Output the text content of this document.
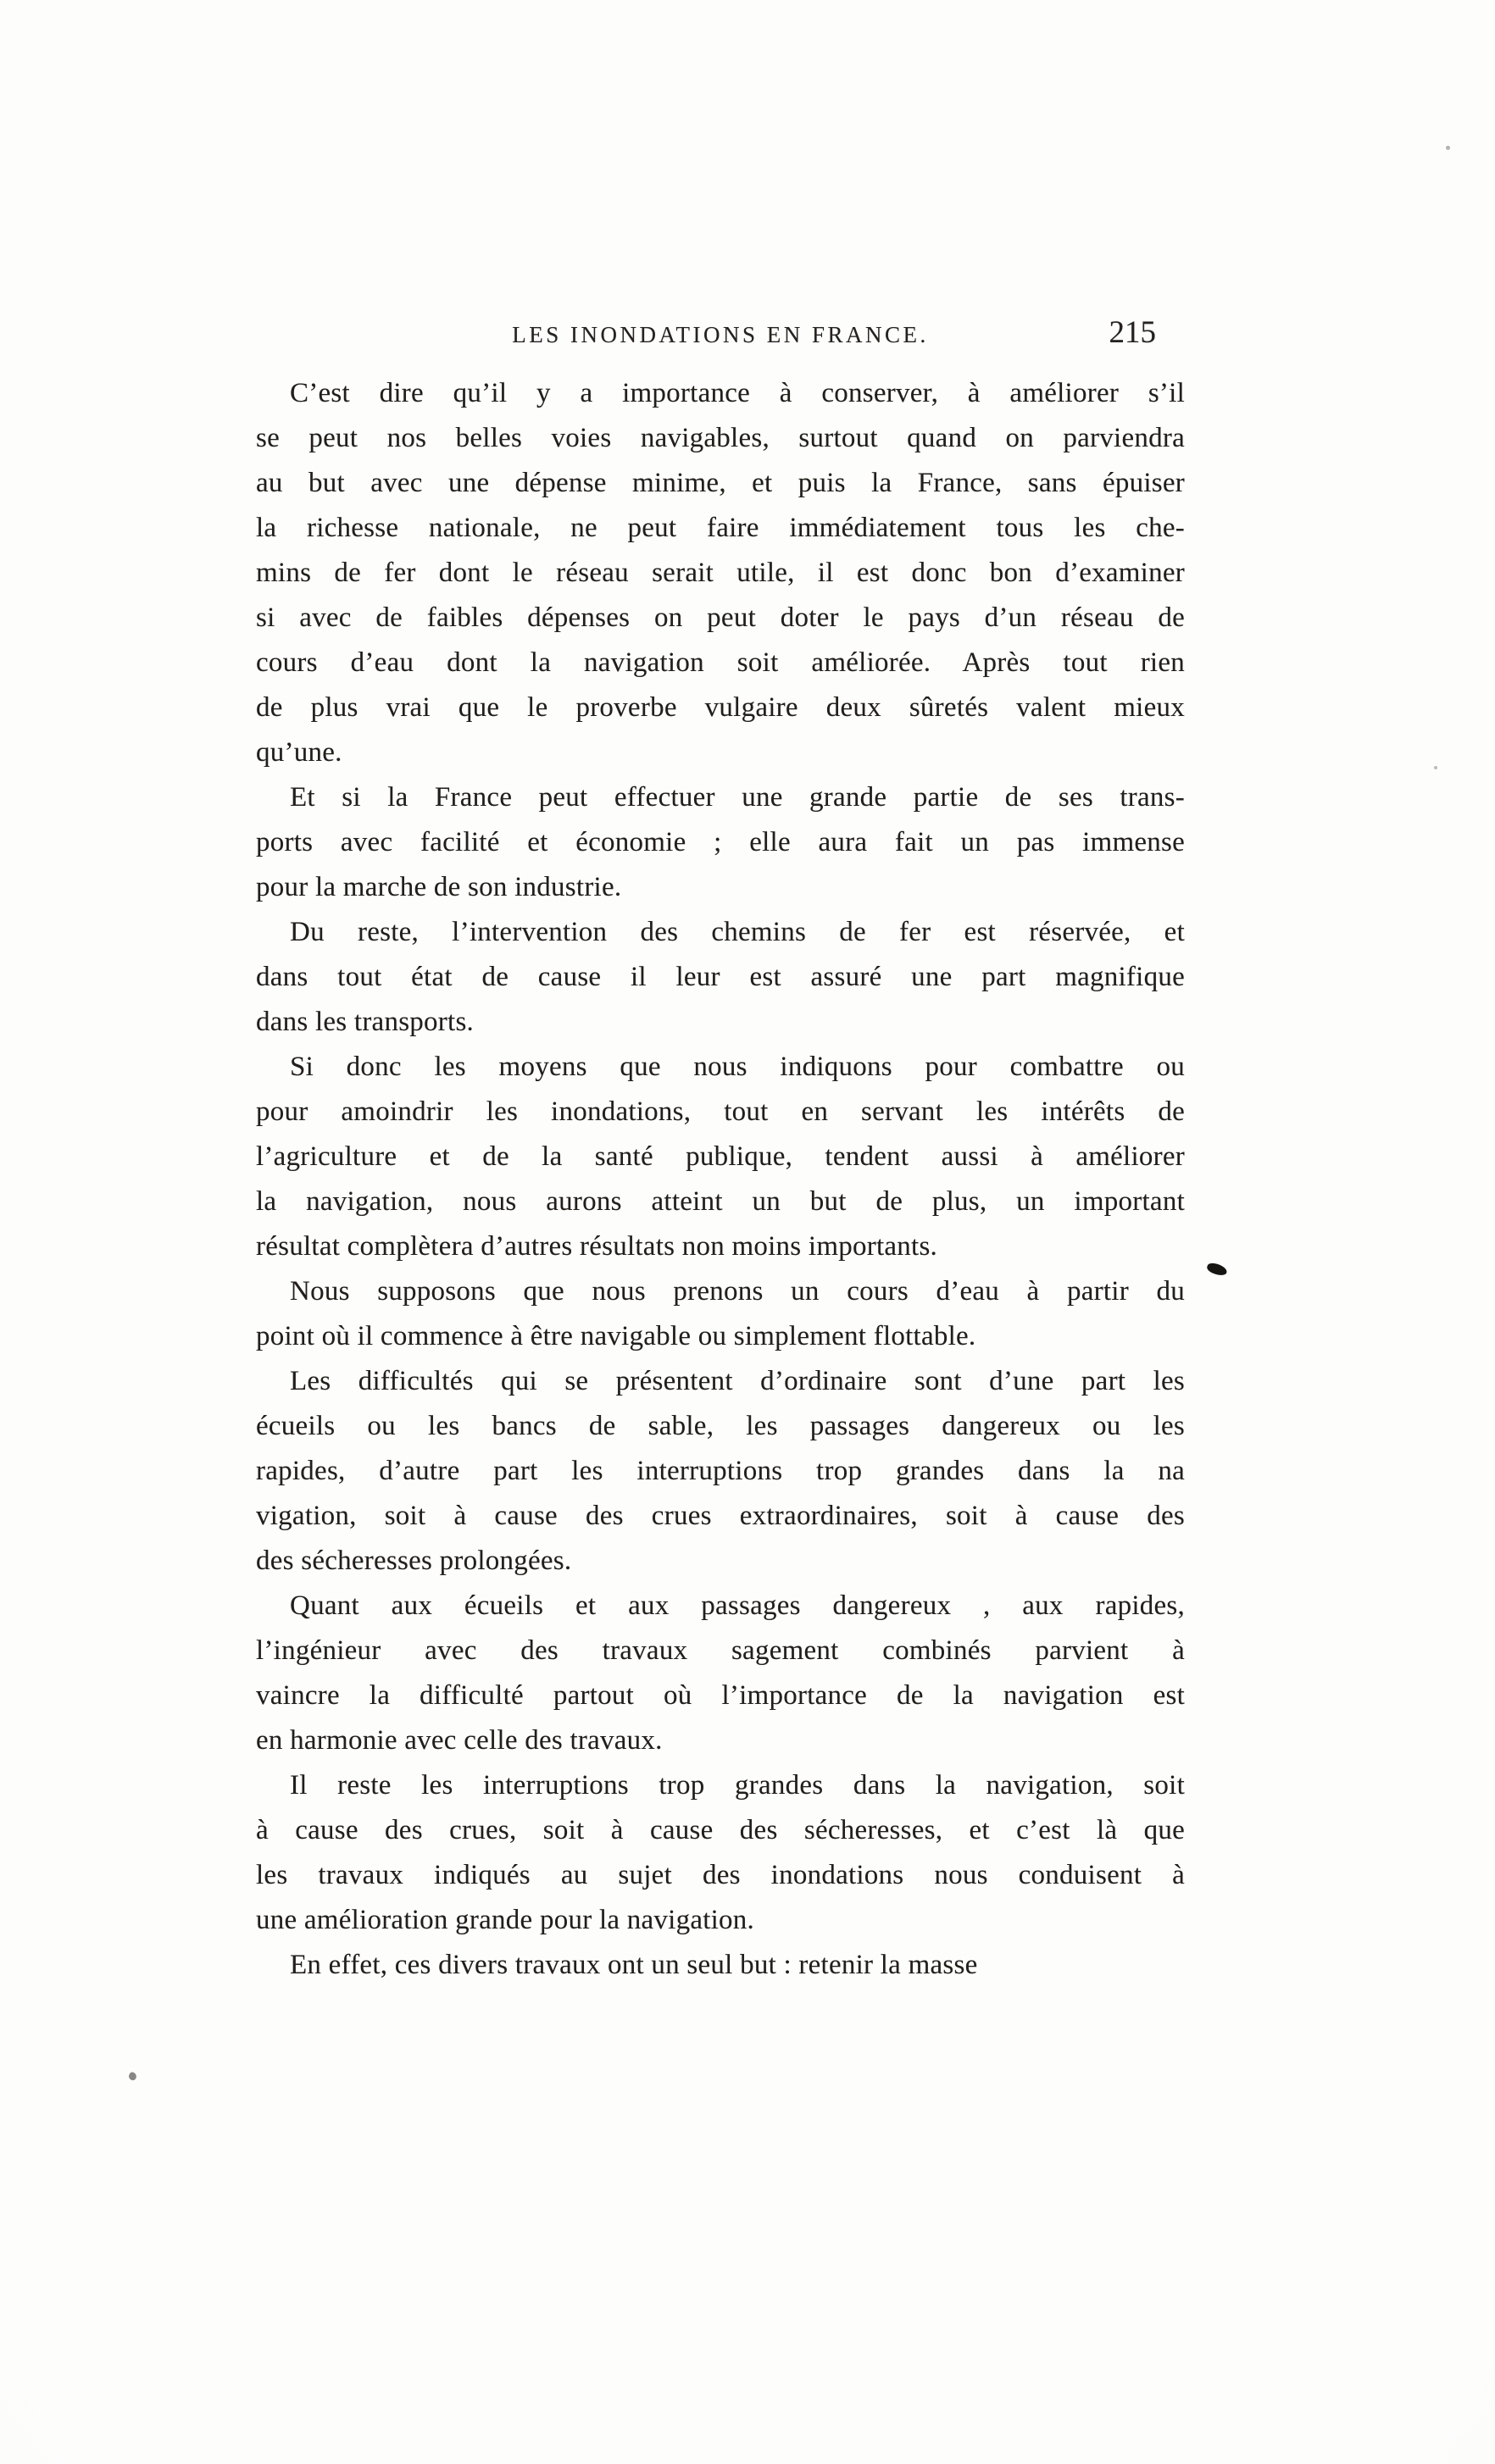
LES INONDATIONS EN FRANCE.	215
C’est dire qu’il y a importance à conserver, à améliorer s’il
se peut nos belles voies navigables, surtout quand on parviendra
au but avec une dépense minime, et puis la France, sans épuiser
la richesse nationale, ne peut faire immédiatement tous les che-
mins de fer dont le réseau serait utile, il est donc bon d’examiner
si avec de faibles dépenses on peut doter le pays d’un réseau de
cours d’eau dont la navigation soit améliorée. Après tout rien
de plus vrai que le proverbe vulgaire deux sûretés valent mieux
qu’une.
Et si la France peut effectuer une grande partie de ses trans-
ports avec facilité et économie ; elle aura fait un pas immense
pour la marche de son industrie.
Du reste, l’intervention des chemins de fer est réservée, et
dans tout état de cause il leur est assuré une part magnifique
dans les transports.
Si donc les moyens que nous indiquons pour combattre ou
pour amoindrir les inondations, tout en servant les intérêts de
l’agriculture et de la santé publique, tendent aussi à améliorer
la navigation, nous aurons atteint un but de plus, un important
résultat complètera d’autres résultats non moins importants.
Nous supposons que nous prenons un cours d’eau à partir du
point où il commence à être navigable ou simplement flottable.
Les difficultés qui se présentent d’ordinaire sont d’une part les
écueils ou les bancs de sable, les passages dangereux ou les
rapides, d’autre part les interruptions trop grandes dans la na
vigation, soit à cause des crues extraordinaires, soit à cause des
des sécheresses prolongées.
Quant aux écueils et aux passages dangereux , aux rapides,
l’ingénieur avec des travaux sagement combinés parvient à
vaincre la difficulté partout où l’importance de la navigation est
en harmonie avec celle des travaux.
Il reste les interruptions trop grandes dans la navigation, soit
à cause des crues, soit à cause des sécheresses, et c’est là que
les travaux indiqués au sujet des inondations nous conduisent à
une amélioration grande pour la navigation.
En effet, ces divers travaux ont un seul but : retenir la masse
